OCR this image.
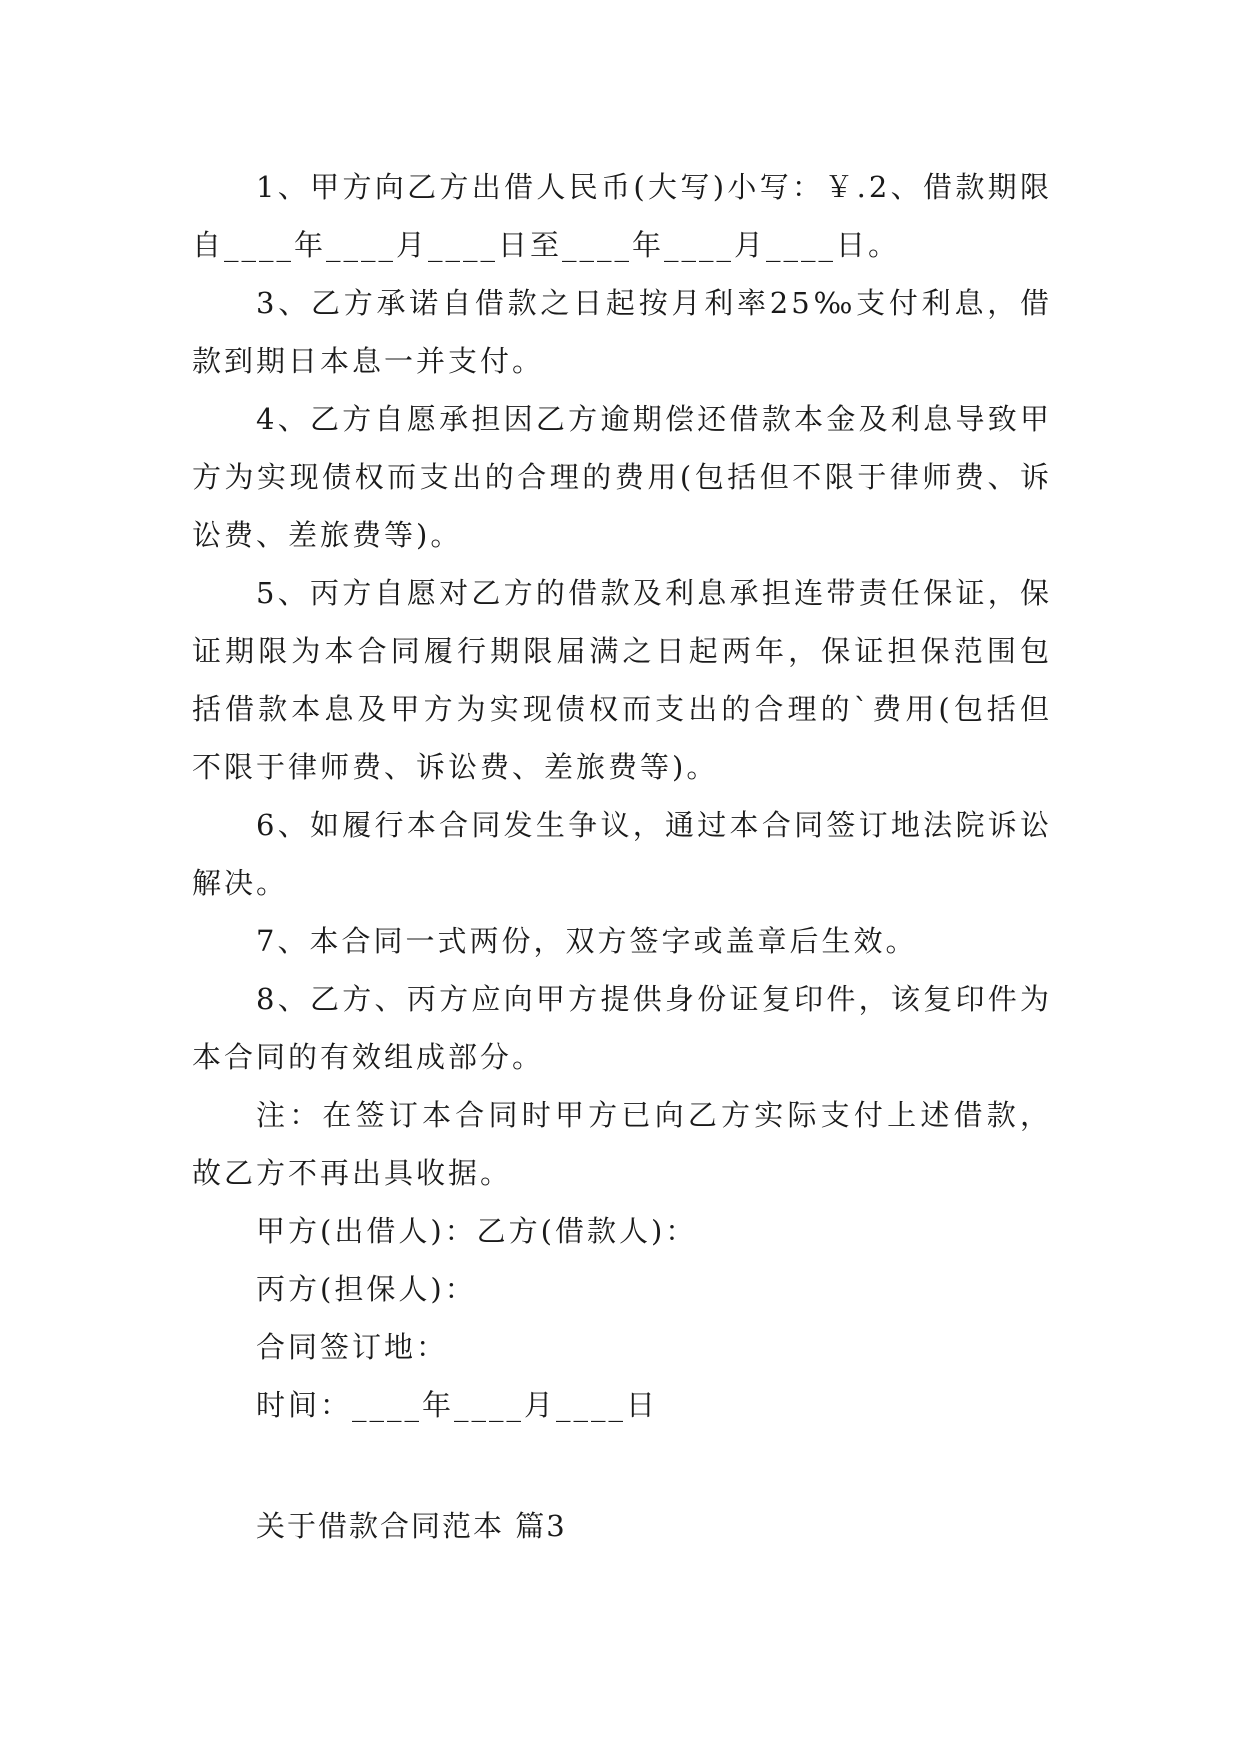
1、甲方向乙方出借人民币(大写)小写：￥.2、借款期限自____年____月____日至____年____月____日。

3、乙方承诺自借款之日起按月利率25‰支付利息，借款到期日本息一并支付。

4、乙方自愿承担因乙方逾期偿还借款本金及利息导致甲方为实现债权而支出的合理的费用(包括但不限于律师费、诉讼费、差旅费等)。

5、丙方自愿对乙方的借款及利息承担连带责任保证，保证期限为本合同履行期限届满之日起两年，保证担保范围包括借款本息及甲方为实现债权而支出的合理的`费用(包括但不限于律师费、诉讼费、差旅费等)。

6、如履行本合同发生争议，通过本合同签订地法院诉讼解决。

7、本合同一式两份，双方签字或盖章后生效。

8、乙方、丙方应向甲方提供身份证复印件，该复印件为本合同的有效组成部分。

注：在签订本合同时甲方已向乙方实际支付上述借款，故乙方不再出具收据。

甲方(出借人)：乙方(借款人)：

丙方(担保人)：

合同签订地：

时间：____年____月____日

关于借款合同范本 篇3
